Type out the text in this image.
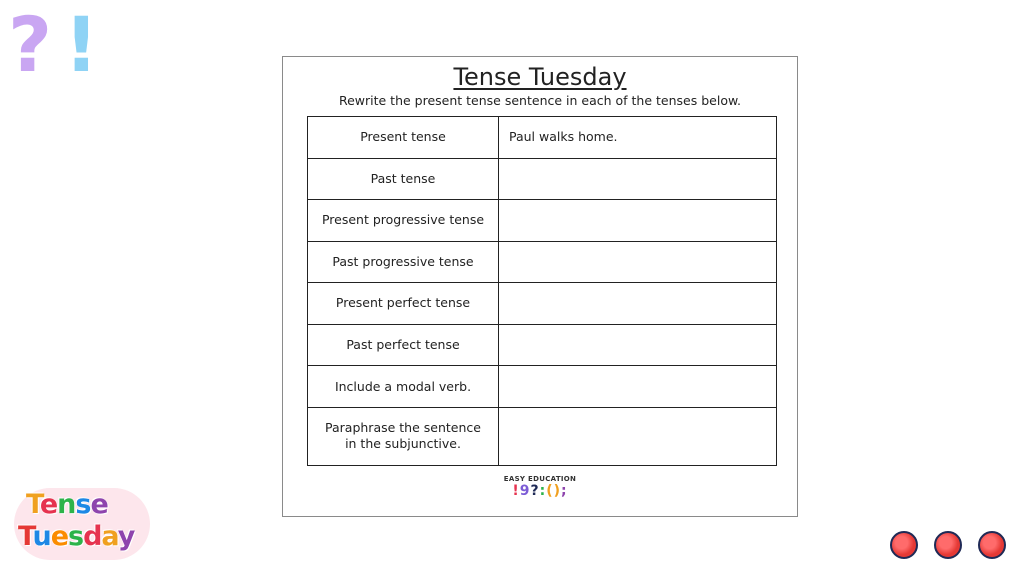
? !	Tense Tuesday
Rewrite the present tense sentence in each of the tenses below.
Present tense	Paul walks home.
Past tense	
Present progressive tense	
Past progressive tense	
Present perfect tense	
Past perfect tense	
Include a modal verb.	
Paraphrase the sentence in the subjunctive.	
EASY EDUCATION
!9?:();
Tense
Tuesday
